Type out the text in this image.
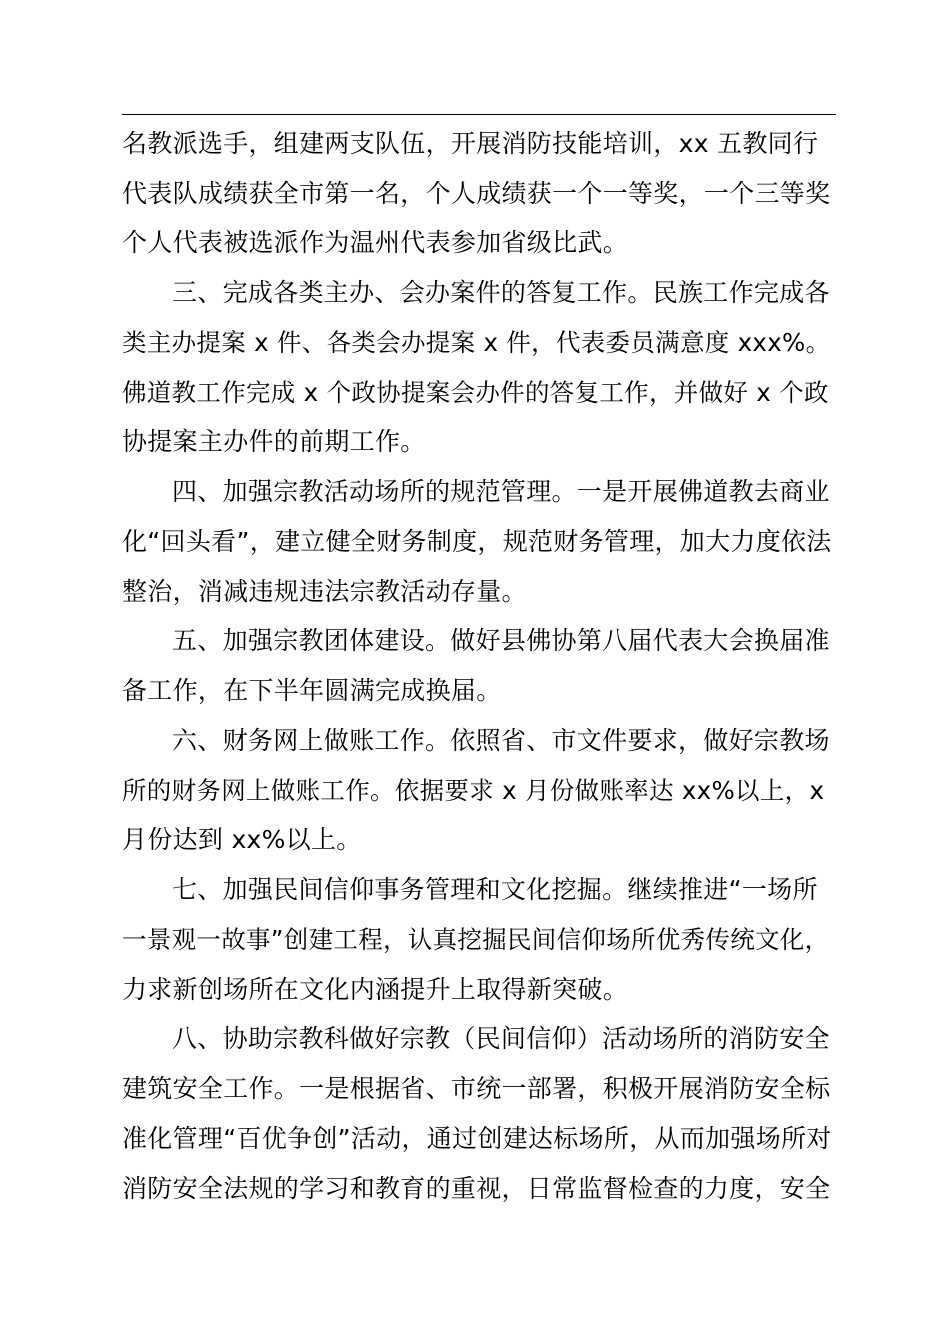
名教派选手，组建两支队伍，开展消防技能培训，xx 五教同行
代表队成绩获全市第一名，个人成绩获一个一等奖，一个三等奖
个人代表被选派作为温州代表参加省级比武。
三、完成各类主办、会办案件的答复工作。民族工作完成各
类主办提案 x 件、各类会办提案 x 件，代表委员满意度 xxx%。
佛道教工作完成 x 个政协提案会办件的答复工作，并做好 x 个政
协提案主办件的前期工作。
四、加强宗教活动场所的规范管理。一是开展佛道教去商业
化“回头看”，建立健全财务制度，规范财务管理，加大力度依法
整治，消减违规违法宗教活动存量。
五、加强宗教团体建设。做好县佛协第八届代表大会换届准
备工作，在下半年圆满完成换届。
六、财务网上做账工作。依照省、市文件要求，做好宗教场
所的财务网上做账工作。依据要求 x 月份做账率达 xx%以上，x
月份达到 xx%以上。
七、加强民间信仰事务管理和文化挖掘。继续推进“一场所
一景观一故事”创建工程，认真挖掘民间信仰场所优秀传统文化，
力求新创场所在文化内涵提升上取得新突破。
八、协助宗教科做好宗教（民间信仰）活动场所的消防安全
建筑安全工作。一是根据省、市统一部署，积极开展消防安全标
准化管理“百优争创”活动，通过创建达标场所，从而加强场所对
消防安全法规的学习和教育的重视，日常监督检查的力度，安全
